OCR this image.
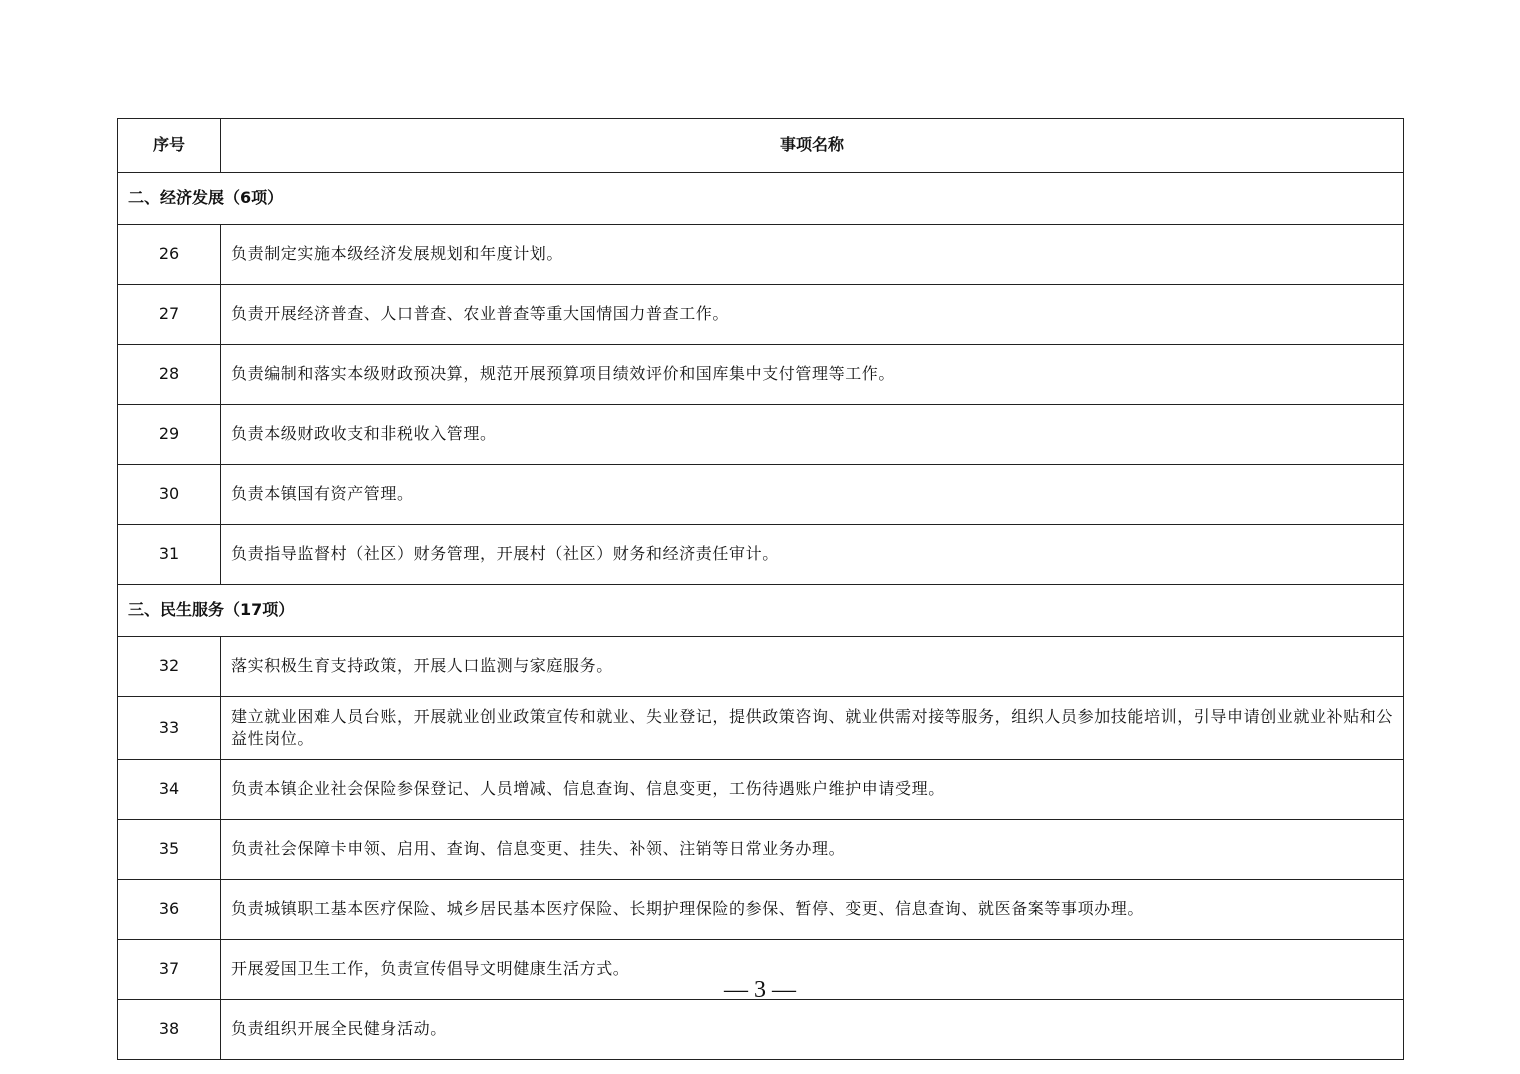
序号	事项名称
二、经济发展（6项）	
26	负责制定实施本级经济发展规划和年度计划。
27	负责开展经济普查、人口普查、农业普查等重大国情国力普查工作。
28	负责编制和落实本级财政预决算，规范开展预算项目绩效评价和国库集中支付管理等工作。
29	负责本级财政收支和非税收入管理。
30	负责本镇国有资产管理。
31	负责指导监督村（社区）财务管理，开展村（社区）财务和经济责任审计。
三、民生服务（17项）	
32	落实积极生育支持政策，开展人口监测与家庭服务。
33	建立就业困难人员台账，开展就业创业政策宣传和就业、失业登记，提供政策咨询、就业供需对接等服务，组织人员参加技能培训，引导申请创业就业补贴和公益性岗位。
34	负责本镇企业社会保险参保登记、人员增减、信息查询、信息变更，工伤待遇账户维护申请受理。
35	负责社会保障卡申领、启用、查询、信息变更、挂失、补领、注销等日常业务办理。
36	负责城镇职工基本医疗保险、城乡居民基本医疗保险、长期护理保险的参保、暂停、变更、信息查询、就医备案等事项办理。
37	开展爱国卫生工作，负责宣传倡导文明健康生活方式。
38	负责组织开展全民健身活动。
— 3 —
